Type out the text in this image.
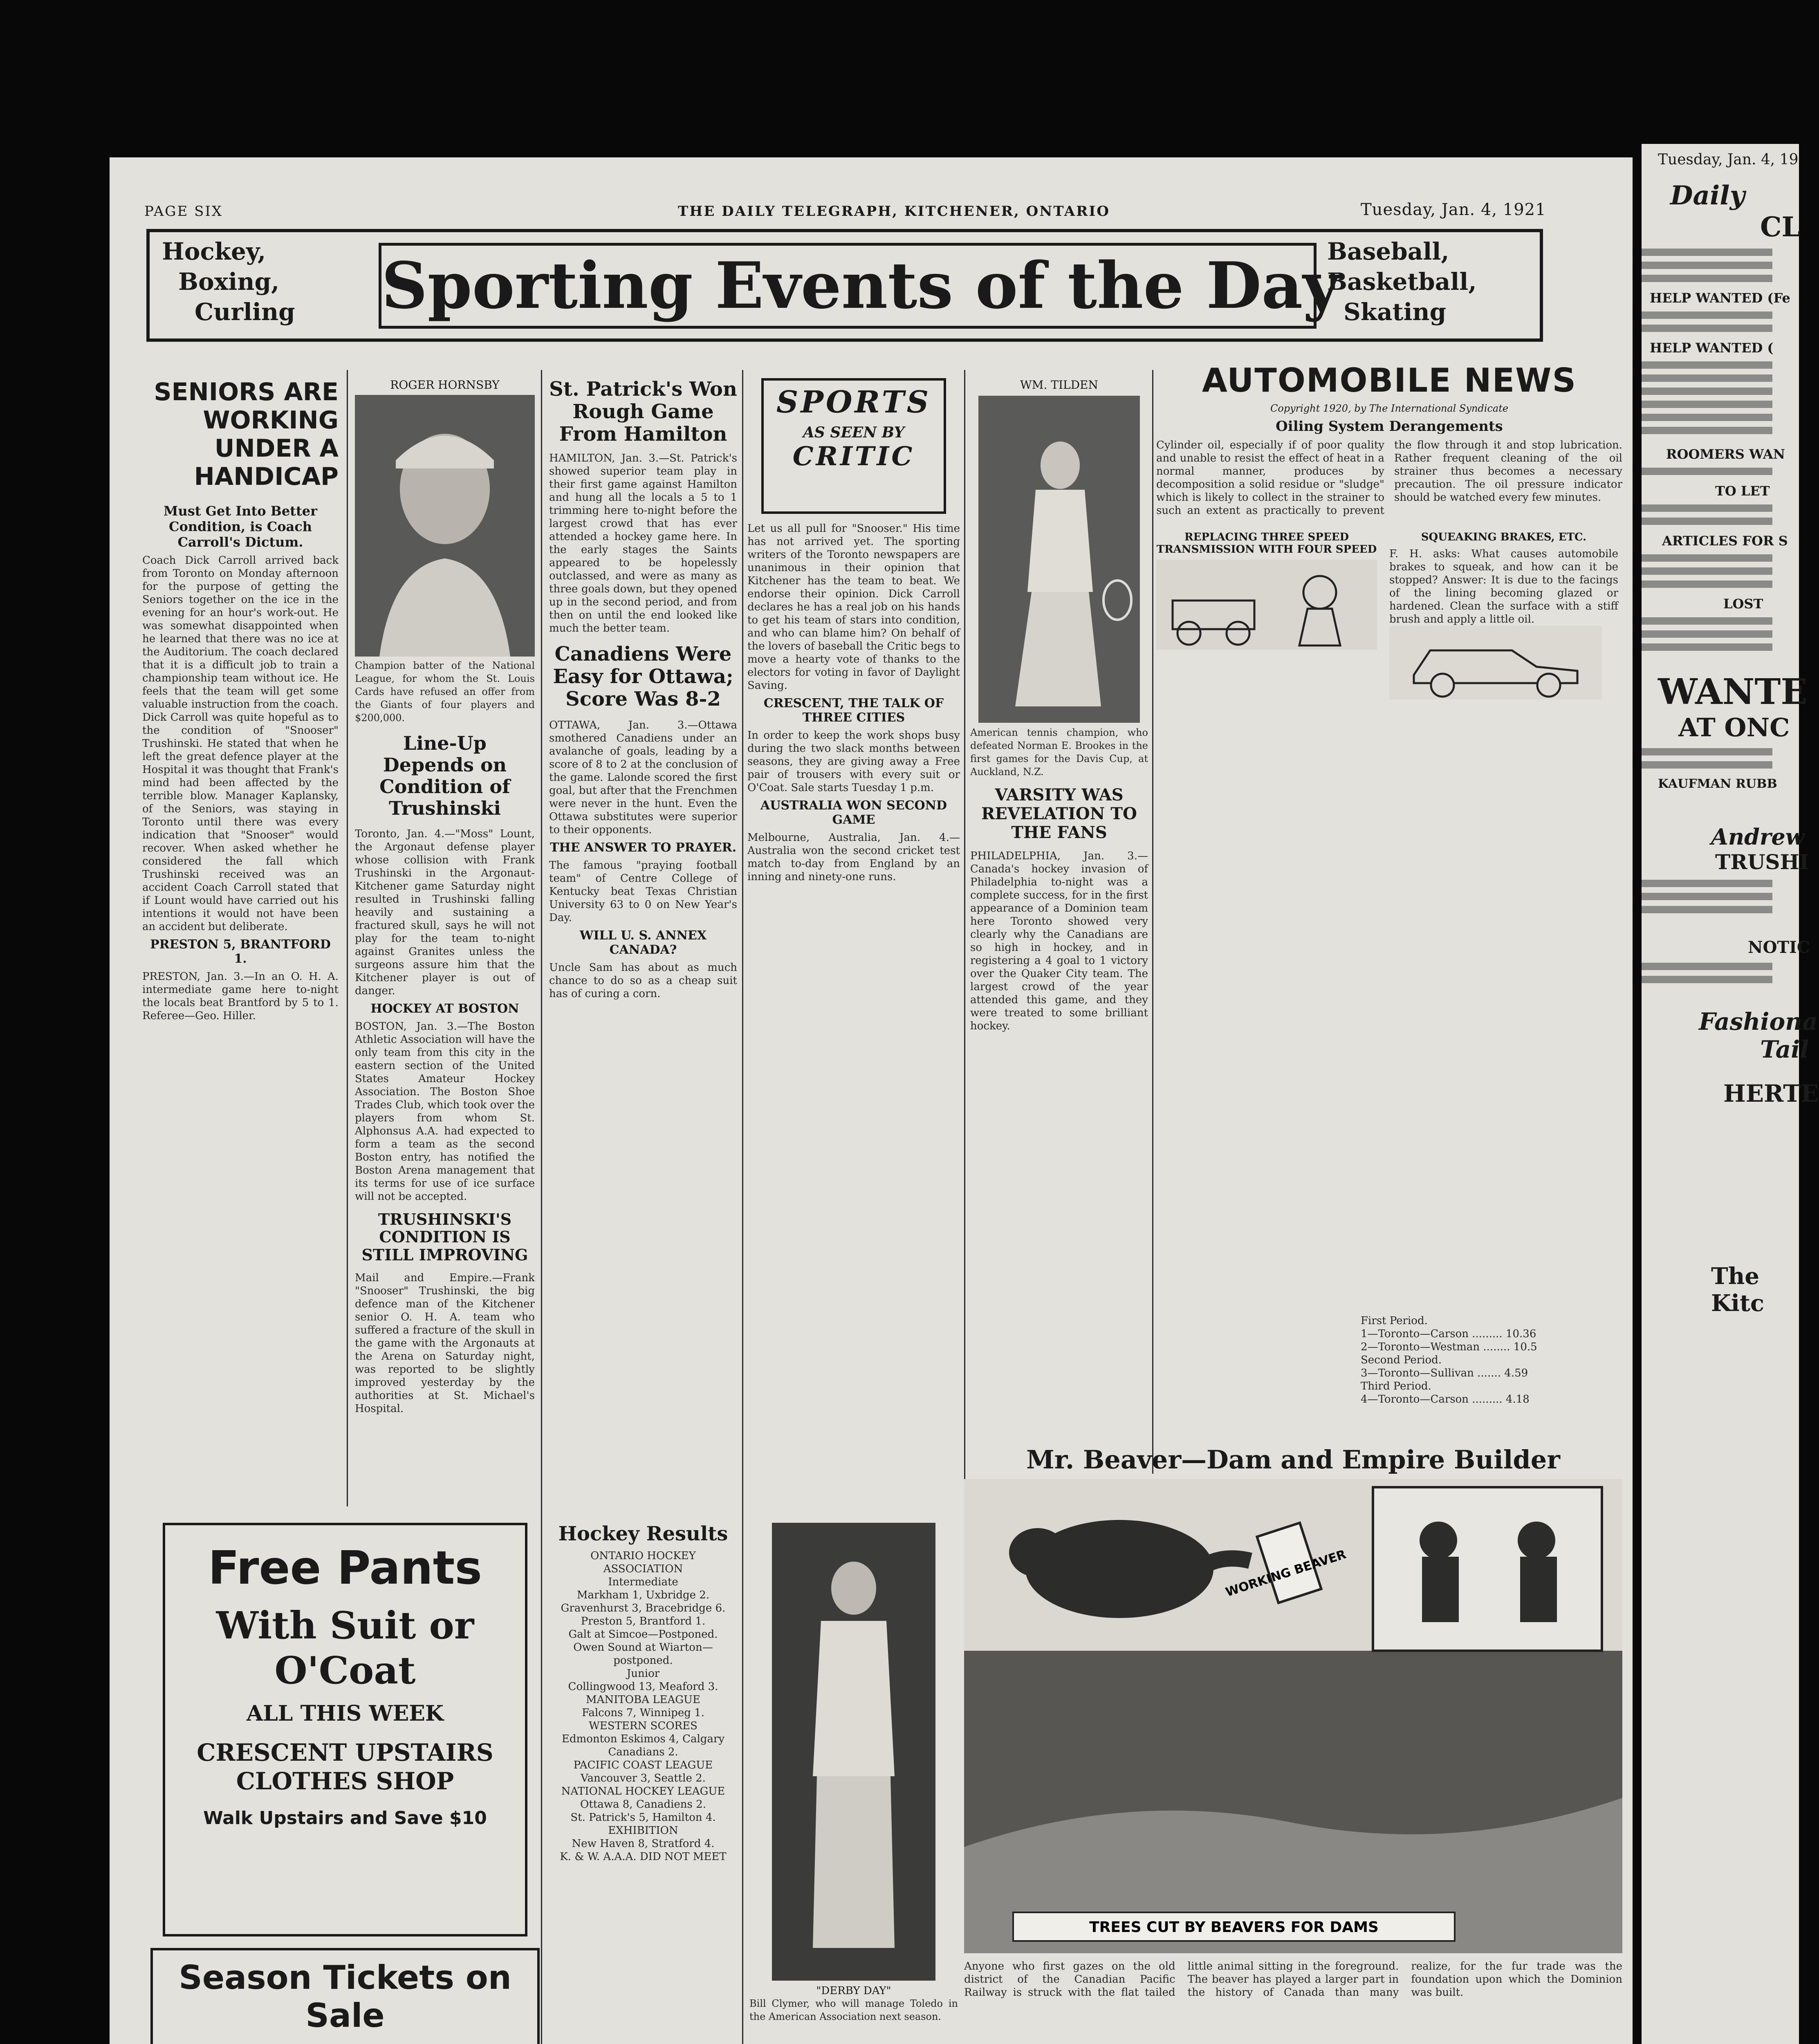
PAGE SIX	THE DAILY TELEGRAPH, KITCHENER, ONTARIO	Tuesday, Jan. 4, 1921
Hockey,
Boxing,
Curling Sporting Events of the Day
Baseball,
Basketball,
Skating
SENIORS ARE WORKING UNDER A HANDICAP
Must Get Into Better Condition, is Coach Carroll's Dictum.
Coach Dick Carroll arrived back from Toronto on Monday afternoon for the purpose of getting the Seniors together on the ice in the evening for an hour's work-out. He was somewhat disappointed when he learned that there was no ice at the Auditorium. The coach declared that it is a difficult job to train a championship team without ice. He feels that the team will get some valuable instruction from the coach. Dick Carroll was quite hopeful as to the condition of "Snooser" Trushinski. He stated that when he left the great defence player at the Hospital it was thought that Frank's mind had been affected by the terrible blow. Manager Kaplansky, of the Seniors, was staying in Toronto until there was every indication that "Snooser" would recover. When asked whether he considered the fall which Trushinski received was an accident Coach Carroll stated that if Lount would have carried out his intentions it would not have been an accident but deliberate.
PRESTON 5, BRANTFORD 1.
PRESTON, Jan. 3.—In an O. H. A. intermediate game here to-night the locals beat Brantford by 5 to 1. Referee—Geo. Hiller.
ROGER HORNSBY
Champion batter of the National League, for whom the St. Louis Cards have refused an offer from the Giants of four players and $200,000.
Line-Up Depends on Condition of Trushinski
Toronto, Jan. 4.—"Moss" Lount, the Argonaut defense player whose collision with Frank Trushinski in the Argonaut-Kitchener game Saturday night resulted in Trushinski falling heavily and sustaining a fractured skull, says he will not play for the team to-night against Granites unless the surgeons assure him that the Kitchener player is out of danger.
HOCKEY AT BOSTON
BOSTON, Jan. 3.—The Boston Athletic Association will have the only team from this city in the eastern section of the United States Amateur Hockey Association. The Boston Shoe Trades Club, which took over the players from whom St. Alphonsus A.A. had expected to form a team as the second Boston entry, has notified the Boston Arena management that its terms for use of ice surface will not be accepted.
TRUSHINSKI'S CONDITION IS STILL IMPROVING
Mail and Empire.—Frank "Snooser" Trushinski, the big defence man of the Kitchener senior O. H. A. team who suffered a fracture of the skull in the game with the Argonauts at the Arena on Saturday night, was reported to be slightly improved yesterday by the authorities at St. Michael's Hospital.
St. Patrick's Won Rough Game From Hamilton
HAMILTON, Jan. 3.—St. Patrick's showed superior team play in their first game against Hamilton and hung all the locals a 5 to 1 trimming here to-night before the largest crowd that has ever attended a hockey game here. In the early stages the Saints appeared to be hopelessly outclassed, and were as many as three goals down, but they opened up in the second period, and from then on until the end looked like much the better team.
Canadiens Were Easy for Ottawa; Score Was 8-2
OTTAWA, Jan. 3.—Ottawa smothered Canadiens under an avalanche of goals, leading by a score of 8 to 2 at the conclusion of the game. Lalonde scored the first goal, but after that the Frenchmen were never in the hunt. Even the Ottawa substitutes were superior to their opponents.
THE ANSWER TO PRAYER.
The famous "praying football team" of Centre College of Kentucky beat Texas Christian University 63 to 0 on New Year's Day.
WILL U. S. ANNEX CANADA?
Uncle Sam has about as much chance to do so as a cheap suit has of curing a corn.
SPORTS
AS SEEN BY
CRITIC
Let us all pull for "Snooser." His time has not arrived yet. The sporting writers of the Toronto newspapers are unanimous in their opinion that Kitchener has the team to beat. We endorse their opinion. Dick Carroll declares he has a real job on his hands to get his team of stars into condition, and who can blame him? On behalf of the lovers of baseball the Critic begs to move a hearty vote of thanks to the electors for voting in favor of Daylight Saving.
CRESCENT, THE TALK OF THREE CITIES
In order to keep the work shops busy during the two slack months between seasons, they are giving away a Free pair of trousers with every suit or O'Coat. Sale starts Tuesday 1 p.m.
AUSTRALIA WON SECOND GAME
Melbourne, Australia, Jan. 4.—Australia won the second cricket test match to-day from England by an inning and ninety-one runs.
Hockey Results
ONTARIO HOCKEY ASSOCIATION
Intermediate
Markham 1, Uxbridge 2.
Gravenhurst 3, Bracebridge 6.
Preston 5, Brantford 1.
Galt at Simcoe—Postponed.
Owen Sound at Wiarton—postponed.
Junior
Collingwood 13, Meaford 3.
MANITOBA LEAGUE
Falcons 7, Winnipeg 1.
WESTERN SCORES
Edmonton Eskimos 4, Calgary Canadians 2.
PACIFIC COAST LEAGUE
Vancouver 3, Seattle 2.
NATIONAL HOCKEY LEAGUE
Ottawa 8, Canadiens 2.
St. Patrick's 5, Hamilton 4.
EXHIBITION
New Haven 8, Stratford 4.
K. & W. A.A.A. DID NOT MEET
WM. TILDEN
American tennis champion, who defeated Norman E. Brookes in the first games for the Davis Cup, at Auckland, N.Z.
VARSITY WAS REVELATION TO THE FANS
PHILADELPHIA, Jan. 3.—Canada's hockey invasion of Philadelphia to-night was a complete success, for in the first appearance of a Dominion team here Toronto showed very clearly why the Canadians are so high in hockey, and in registering a 4 goal to 1 victory over the Quaker City team. The largest crowd of the year attended this game, and they were treated to some brilliant hockey.
"DERBY DAY"
Bill Clymer, who will manage Toledo in the American Association next season.
AUTOMOBILE NEWS
Copyright 1920, by The International Syndicate
Oiling System Derangements
Cylinder oil, especially if of poor quality and unable to resist the effect of heat in a normal manner, produces by decomposition a solid residue or "sludge" which is likely to collect in the strainer to such an extent as practically to prevent the flow through it and stop lubrication. Rather frequent cleaning of the oil strainer thus becomes a necessary precaution. The oil pressure indicator should be watched every few minutes.
REPLACING THREE SPEED TRANSMISSION WITH FOUR SPEED
SQUEAKING BRAKES, ETC.
F. H. asks: What causes automobile brakes to squeak, and how can it be stopped? Answer: It is due to the facings of the lining becoming glazed or hardened. Clean the surface with a stiff brush and apply a little oil.
First Period.
1—Toronto—Carson ......... 10.36
2—Toronto—Westman ........ 10.5
Second Period.
3—Toronto—Sullivan ....... 4.59
Third Period.
4—Toronto—Carson ......... 4.18
Mr. Beaver—Dam and Empire Builder
WORKING BEAVER
TREES CUT BY BEAVERS FOR DAMS
Anyone who first gazes on the old district of the Canadian Pacific Railway is struck with the flat tailed little animal sitting in the foreground. The beaver has played a larger part in the history of Canada than many realize, for the fur trade was the foundation upon which the Dominion was built.
Free Pants
With Suit or O'Coat
ALL THIS WEEK
CRESCENT UPSTAIRS CLOTHES SHOP
Walk Upstairs and Save $10
Season Tickets on Sale
Tuesday, Jan. 4, 19
Daily
CL
HELP WANTED (Fe
HELP WANTED (
ROOMERS WAN
TO LET
ARTICLES FOR S
LOST
WANTE
AT ONC
KAUFMAN RUBB
Andrew
TRUSHI
NOTIC
Fashiona
Tail
HERTE
The Kitc
